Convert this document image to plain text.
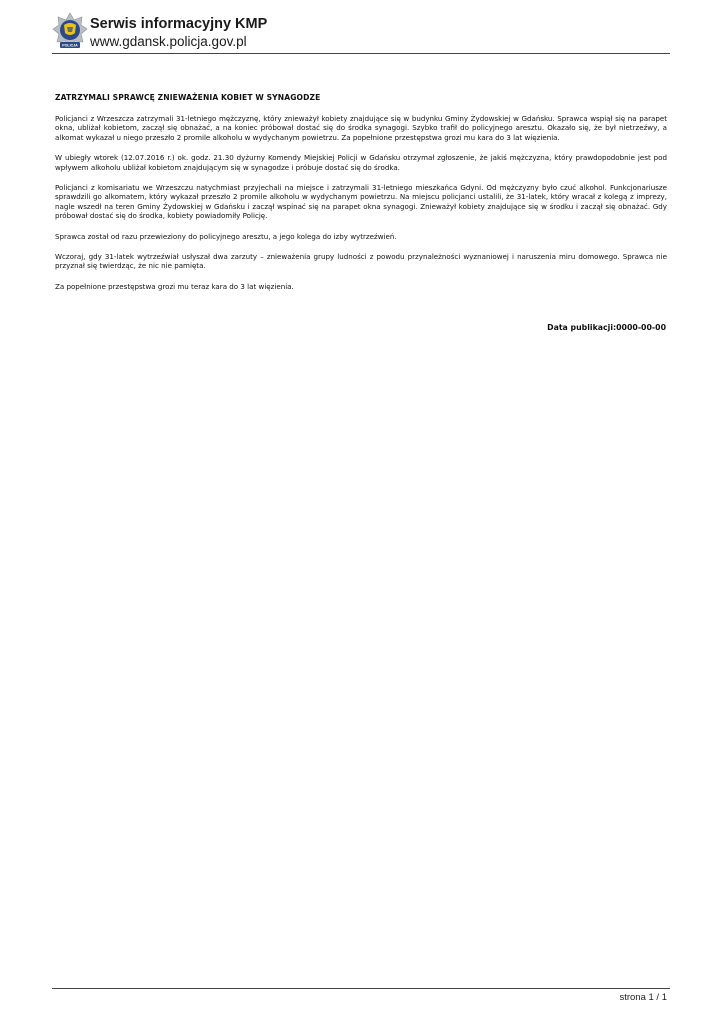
POLICJA
Serwis informacyjny KMP
www.gdansk.policja.gov.pl
ZATRZYMALI SPRAWCĘ ZNIEWAŻENIA KOBIET W SYNAGODZE

Policjanci z Wrzeszcza zatrzymali 31-letniego mężczyznę, który znieważył kobiety znajdujące się w budynku Gminy Żydowskiej w Gdańsku. Sprawca wspiął się na parapet okna, ubliżał kobietom, zaczął się obnażać, a na koniec próbował dostać się do środka synagogi. Szybko trafił do policyjnego aresztu. Okazało się, że był nietrzeźwy, a alkomat wykazał u niego przeszło 2 promile alkoholu w wydychanym powietrzu. Za popełnione przestępstwa grozi mu kara do 3 lat więzienia.

W ubiegły wtorek (12.07.2016 r.) ok. godz. 21.30 dyżurny Komendy Miejskiej Policji w Gdańsku otrzymał zgłoszenie, że jakiś mężczyzna, który prawdopodobnie jest pod wpływem alkoholu ubliżał kobietom znajdującym się w synagodze i próbuje dostać się do środka.

Policjanci z komisariatu we Wrzeszczu natychmiast przyjechali na miejsce i zatrzymali 31-letniego mieszkańca Gdyni. Od mężczyzny było czuć alkohol. Funkcjonariusze sprawdzili go alkomatem, który wykazał przeszło 2 promile alkoholu w wydychanym powietrzu. Na miejscu policjanci ustalili, że 31-latek, który wracał z kolegą z imprezy, nagle wszedł na teren Gminy Żydowskiej w Gdańsku i zaczął wspinać się na parapet okna synagogi. Znieważył kobiety znajdujące się w środku i zaczął się obnażać. Gdy próbował dostać się do środka, kobiety powiadomiły Policję.

Sprawca został od razu przewieziony do policyjnego aresztu, a jego kolega do izby wytrzeźwień.

Wczoraj, gdy 31-latek wytrzeźwiał usłyszał dwa zarzuty – znieważenia grupy ludności z powodu przynależności wyznaniowej i naruszenia miru domowego. Sprawca nie przyznał się twierdząc, że nic nie pamięta.

Za popełnione przestępstwa grozi mu teraz kara do 3 lat więzienia.

Data publikacji:0000-00-00
strona 1 / 1
